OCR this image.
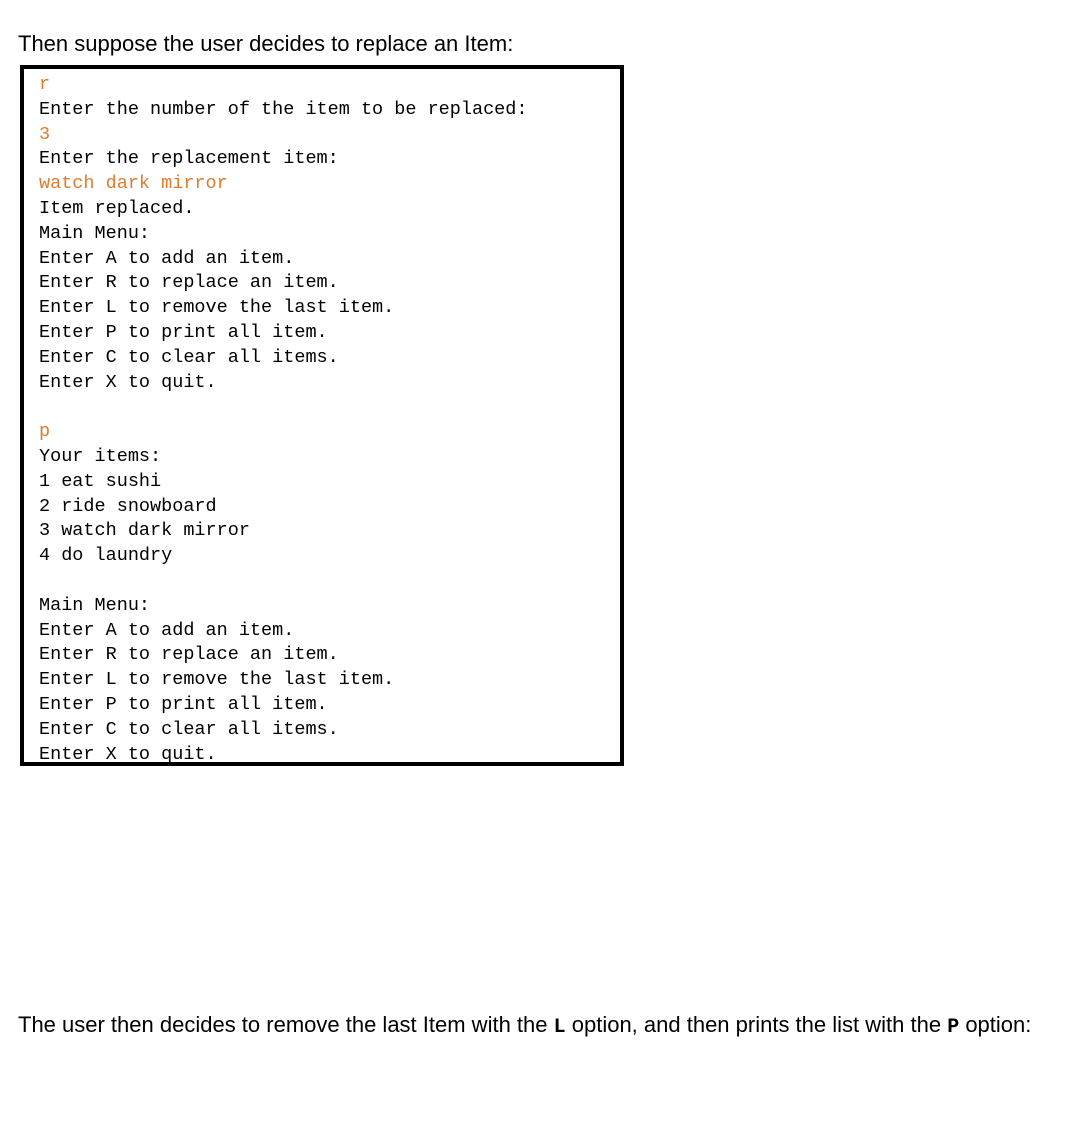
Then suppose the user decides to replace an Item:

r
Enter the number of the item to be replaced:
3
Enter the replacement item:
watch dark mirror
Item replaced.
Main Menu:
Enter A to add an item.
Enter R to replace an item.
Enter L to remove the last item.
Enter P to print all item.
Enter C to clear all items.
Enter X to quit.
p
Your items:
1 eat sushi
2 ride snowboard
3 watch dark mirror
4 do laundry
Main Menu:
Enter A to add an item.
Enter R to replace an item.
Enter L to remove the last item.
Enter P to print all item.
Enter C to clear all items.
Enter X to quit.

The user then decides to remove the last Item with the L option, and then prints the list with the P option:
